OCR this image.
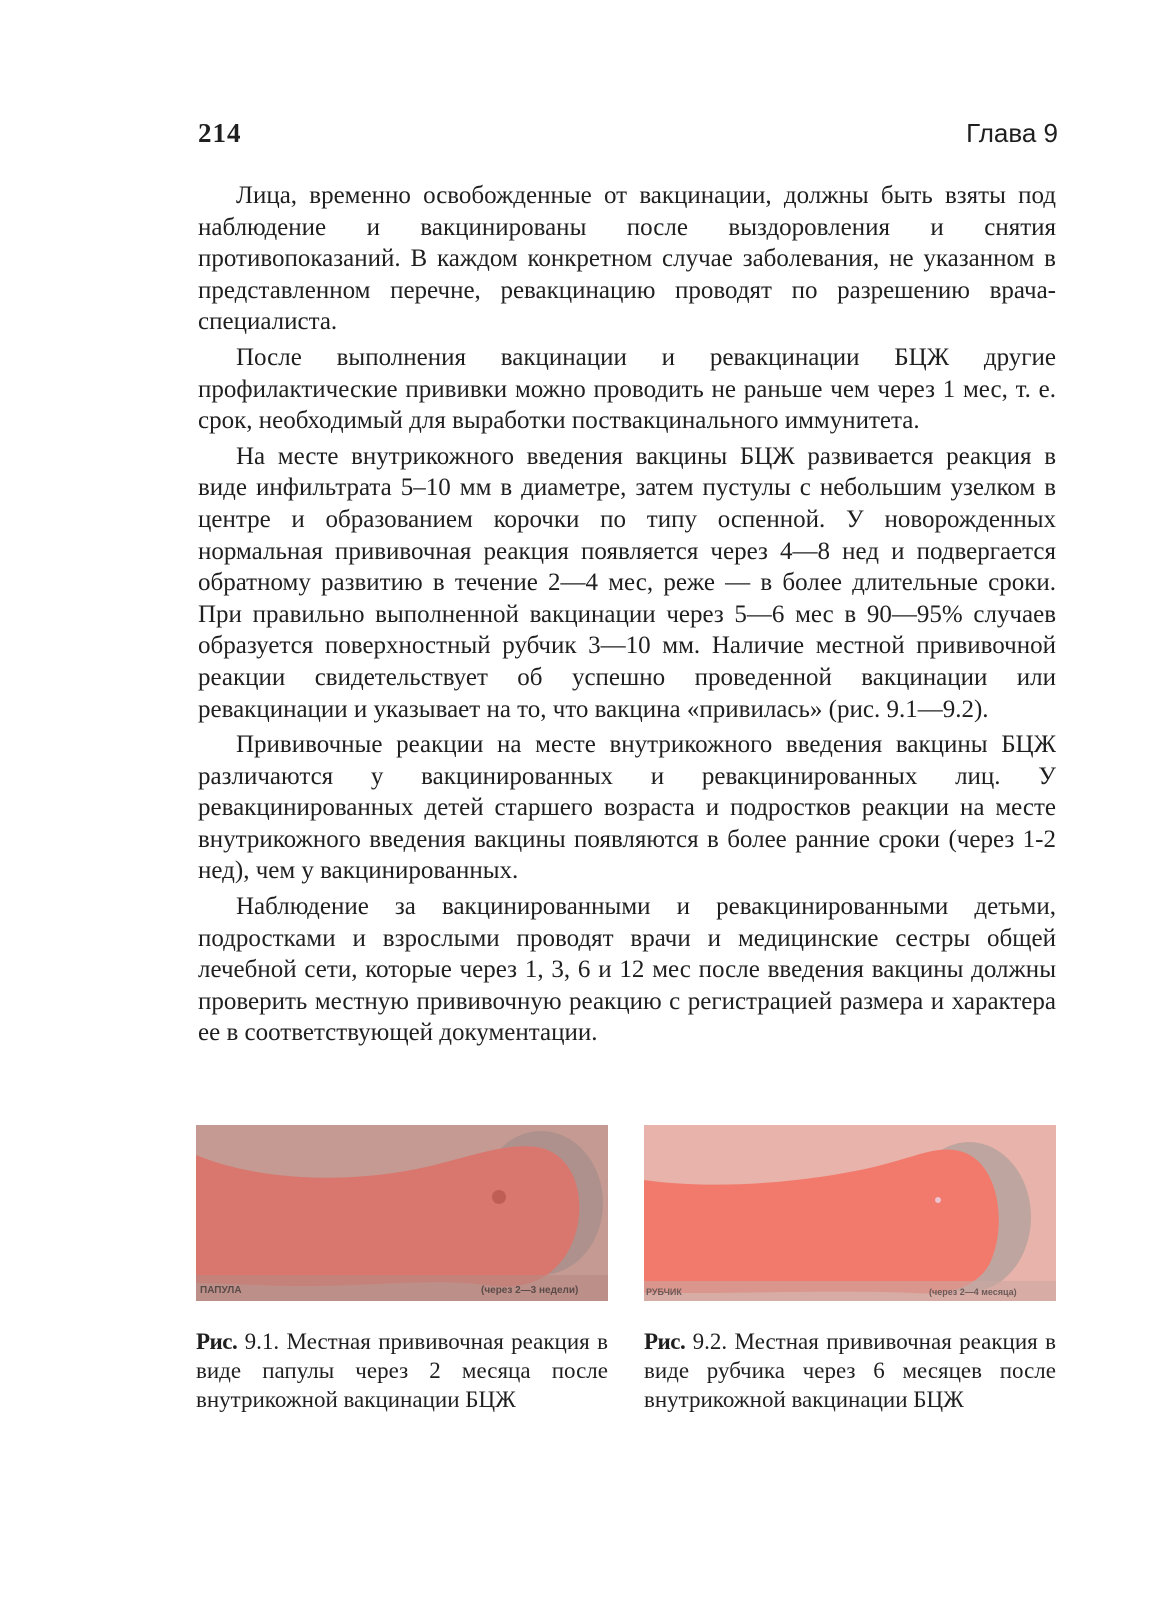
214	Глава 9

Лица, временно освобожденные от вакцинации, должны быть взяты под наблюдение и вакцинированы после выздоровления и снятия противопоказаний. В каждом конкретном случае заболевания, не указанном в представленном перечне, ревакцинацию проводят по разрешению врача-специалиста.

После выполнения вакцинации и ревакцинации БЦЖ другие профилактические прививки можно проводить не раньше чем через 1 мес, т. е. срок, необходимый для выработки поствакцинального иммунитета.

На месте внутрикожного введения вакцины БЦЖ развивается реакция в виде инфильтрата 5–10 мм в диаметре, затем пустулы с небольшим узелком в центре и образованием корочки по типу оспенной. У новорожденных нормальная прививочная реакция появляется через 4—8 нед и подвергается обратному развитию в течение 2—4 мес, реже — в более длительные сроки. При правильно выполненной вакцинации через 5—6 мес в 90—95% случаев образуется поверхностный рубчик 3—10 мм. Наличие местной прививочной реакции свидетельствует об успешно проведенной вакцинации или ревакцинации и указывает на то, что вакцина «привилась» (рис. 9.1—9.2).

Прививочные реакции на месте внутрикожного введения вакцины БЦЖ различаются у вакцинированных и ревакцинированных лиц. У ревакцинированных детей старшего возраста и подростков реакции на месте внутрикожного введения вакцины появляются в более ранние сроки (через 1-2 нед), чем у вакцинированных.

Наблюдение за вакцинированными и ревакцинированными детьми, подростками и взрослыми проводят врачи и медицинские сестры общей лечебной сети, которые через 1, 3, 6 и 12 мес после введения вакцины должны проверить местную прививочную реакцию с регистрацией размера и характера ее в соответствующей документации.

ПАПУЛА	(через 2—3 недели)
Рис. 9.1. Местная прививочная реакция в виде папулы через 2 месяца после внутрикожной вакцинации БЦЖ
РУБЧИК	(через 2—4 месяца)
Рис. 9.2. Местная прививочная реакция в виде рубчика через 6 месяцев после внутрикожной вакцинации БЦЖ
